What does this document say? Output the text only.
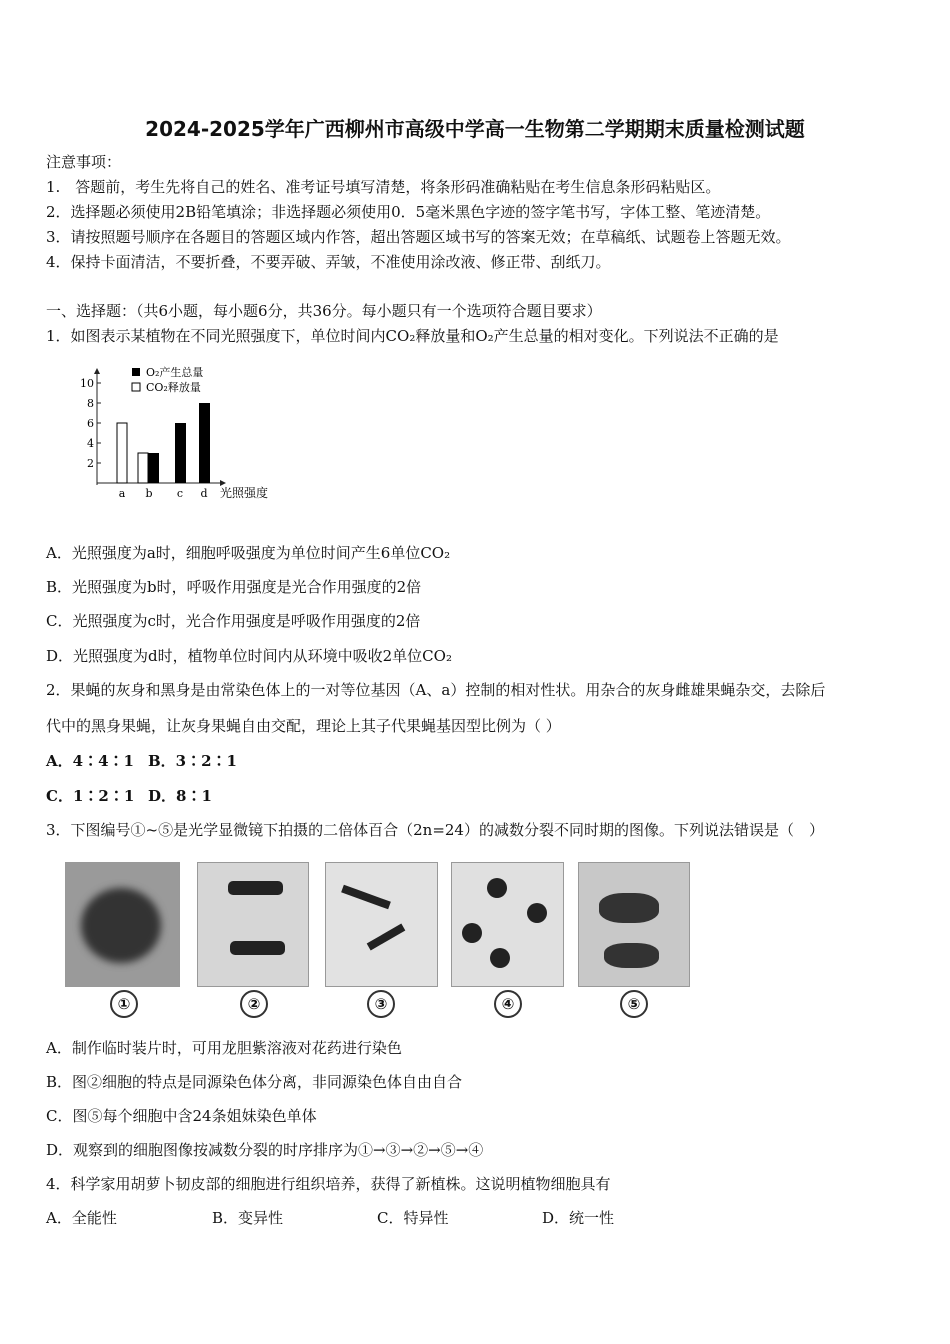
2024-2025学年广西柳州市高级中学高一生物第二学期期末质量检测试题
注意事项：
1.　答题前，考生先将自己的姓名、准考证号填写清楚，将条形码准确粘贴在考生信息条形码粘贴区。
2．选择题必须使用2B铅笔填涂；非选择题必须使用0．5毫米黑色字迹的签字笔书写，字体工整、笔迹清楚。
3．请按照题号顺序在各题目的答题区域内作答，超出答题区域书写的答案无效；在草稿纸、试题卷上答题无效。
4．保持卡面清洁，不要折叠，不要弄破、弄皱，不准使用涂改液、修正带、刮纸刀。
一、选择题：（共6小题，每小题6分，共36分。每小题只有一个选项符合题目要求）
1．如图表示某植物在不同光照强度下，单位时间内CO₂释放量和O₂产生总量的相对变化。下列说法不正确的是
2
4
6
8
10
a b c d
O₂产生总量
CO₂释放量
光照强度
A．光照强度为a时，细胞呼吸强度为单位时间产生6单位CO₂
B．光照强度为b时，呼吸作用强度是光合作用强度的2倍
C．光照强度为c时，光合作用强度是呼吸作用强度的2倍
D．光照强度为d时，植物单位时间内从环境中吸收2单位CO₂
2．果蝇的灰身和黑身是由常染色体上的一对等位基因（A、a）控制的相对性状。用杂合的灰身雌雄果蝇杂交，去除后
代中的黑身果蝇，让灰身果蝇自由交配，理论上其子代果蝇基因型比例为（ ）
A．4∶4∶1 B．3∶2∶1
C．1∶2∶1 D．8∶1
3．下图编号①~⑤是光学显微镜下拍摄的二倍体百合（2n=24）的减数分裂不同时期的图像。下列说法错误是（　）
①	②	③	④	⑤
A．制作临时装片时，可用龙胆紫溶液对花药进行染色
B．图②细胞的特点是同源染色体分离，非同源染色体自由自合
C．图⑤每个细胞中含24条姐妹染色单体
D．观察到的细胞图像按减数分裂的时序排序为①→③→②→⑤→④
4．科学家用胡萝卜韧皮部的细胞进行组织培养，获得了新植株。这说明植物细胞具有
A．全能性	B．变异性	C．特异性	D．统一性
